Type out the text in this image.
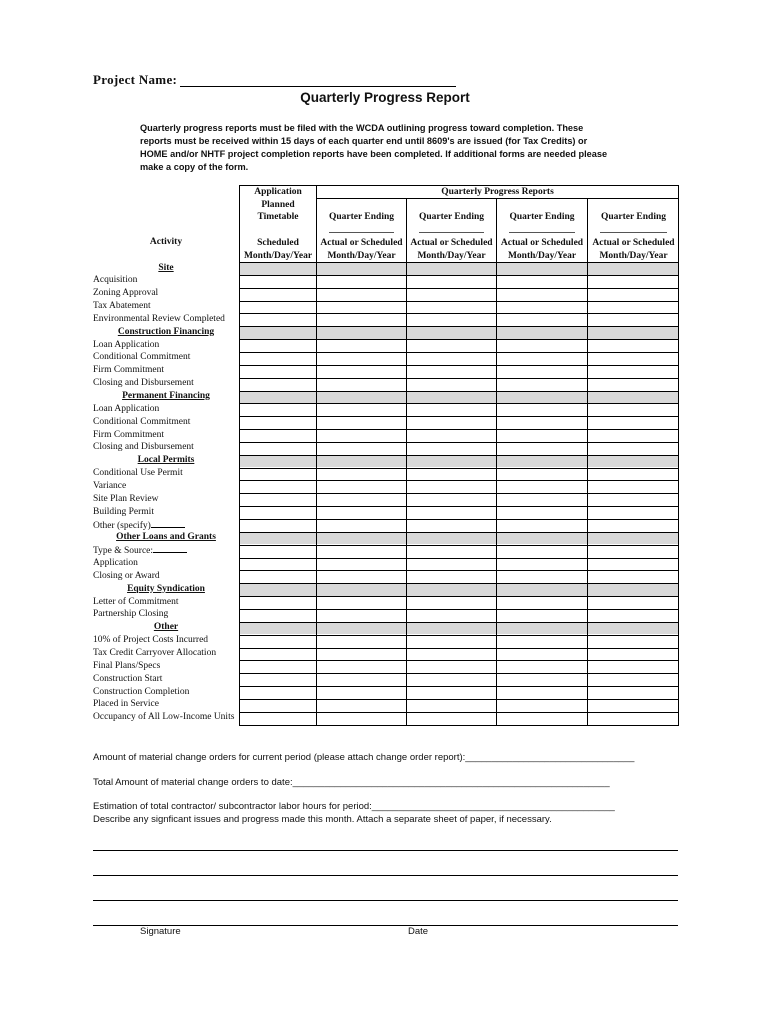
Project Name:
Quarterly Progress Report
Quarterly progress reports must be filed with the WCDA outlining progress toward completion. These reports must be received within 15 days of each quarter end until 8609's are issued (for Tax Credits) or HOME and/or NHTF project completion reports have been completed. If additional forms are needed please make a copy of the form.
Application
Planned
Timetable
Scheduled
Month/Day/Year
Quarterly Progress Reports
Quarter Ending
Actual or Scheduled
Month/Day/Year
Quarter Ending
Actual or Scheduled
Month/Day/Year
Quarter Ending
Actual or Scheduled
Month/Day/Year
Quarter Ending
Actual or Scheduled
Month/Day/Year
Activity
Site
Acquisition
Zoning Approval
Tax Abatement
Environmental Review Completed
Construction Financing
Loan Application
Conditional Commitment
Firm Commitment
Closing and Disbursement
Permanent Financing
Loan Application
Conditional Commitment
Firm Commitment
Closing and Disbursement
Local Permits
Conditional Use Permit
Variance
Site Plan Review
Building Permit
Other (specify)
Other Loans and Grants
Type & Source:
Application
Closing or Award
Equity Syndication
Letter of Commitment
Partnership Closing
Other
10% of Project Costs Incurred
Tax Credit Carryover Allocation
Final Plans/Specs
Construction Start
Construction Completion
Placed in Service
Occupancy of All Low-Income Units
Amount of material change orders for current period (please attach change order report):________________________________
Total Amount of material change orders to date:____________________________________________________________
Estimation of total contractor/ subcontractor labor hours for period:______________________________________________
Describe any signficant issues and progress made this month. Attach a separate sheet of paper, if necessary.
Signature	Date
